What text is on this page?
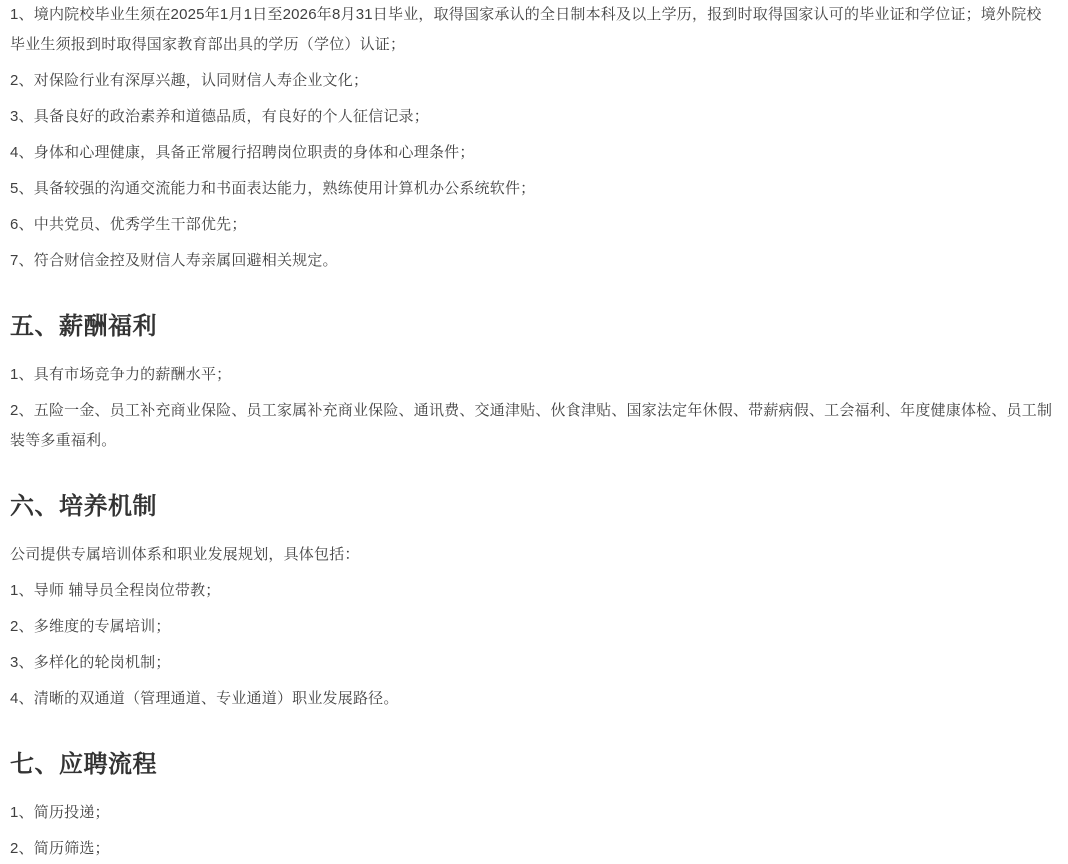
1、境内院校毕业生须在2025年1月1日至2026年8月31日毕业，取得国家承认的全日制本科及以上学历，报到时取得国家认可的毕业证和学位证；境外院校毕业生须报到时取得国家教育部出具的学历（学位）认证；

2、对保险行业有深厚兴趣，认同财信人寿企业文化；

3、具备良好的政治素养和道德品质，有良好的个人征信记录；

4、身体和心理健康，具备正常履行招聘岗位职责的身体和心理条件；

5、具备较强的沟通交流能力和书面表达能力，熟练使用计算机办公系统软件；

6、中共党员、优秀学生干部优先；

7、符合财信金控及财信人寿亲属回避相关规定。

五、薪酬福利

1、具有市场竞争力的薪酬水平；

2、五险一金、员工补充商业保险、员工家属补充商业保险、通讯费、交通津贴、伙食津贴、国家法定年休假、带薪病假、工会福利、年度健康体检、员工制装等多重福利。

六、培养机制

公司提供专属培训体系和职业发展规划，具体包括：

1、导师 辅导员全程岗位带教；

2、多维度的专属培训；

3、多样化的轮岗机制；

4、清晰的双通道（管理通道、专业通道）职业发展路径。

七、应聘流程

1、简历投递；

2、简历筛选；
